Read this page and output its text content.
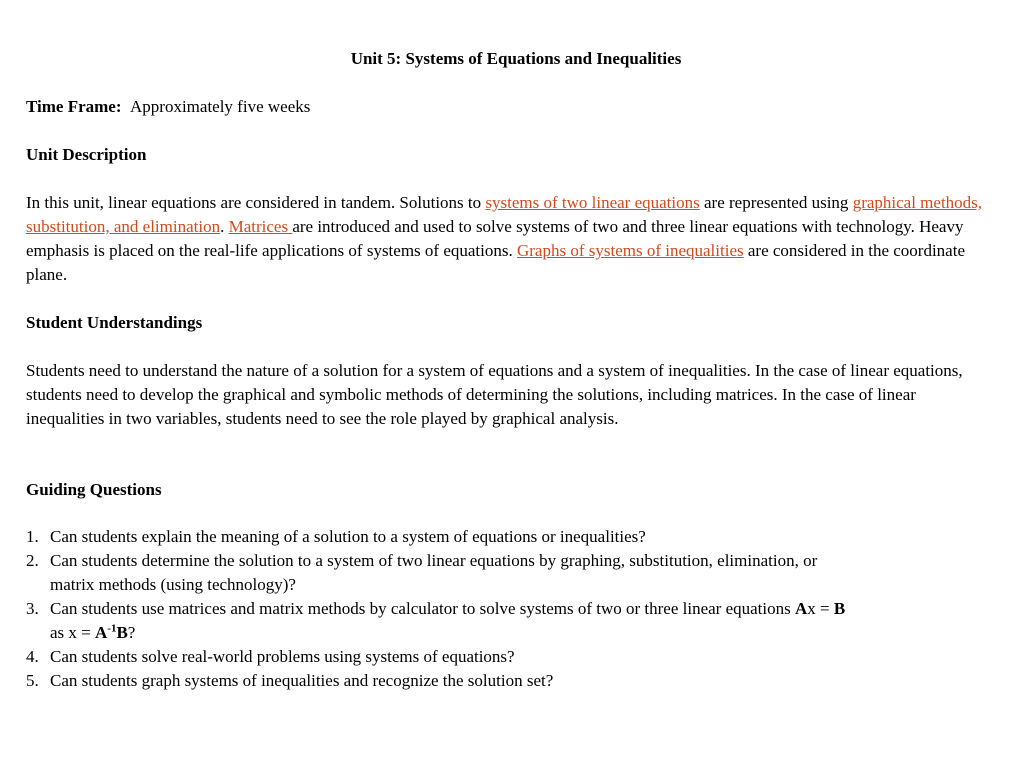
Unit 5: Systems of Equations and Inequalities

Time Frame: Approximately five weeks

Unit Description

In this unit, linear equations are considered in tandem. Solutions to systems of two linear equations are represented using graphical methods, substitution, and elimination. Matrices are introduced and used to solve systems of two and three linear equations with technology. Heavy emphasis is placed on the real-life applications of systems of equations. Graphs of systems of inequalities are considered in the coordinate plane.

Student Understandings

Students need to understand the nature of a solution for a system of equations and a system of inequalities. In the case of linear equations, students need to develop the graphical and symbolic methods of determining the solutions, including matrices. In the case of linear inequalities in two variables, students need to see the role played by graphical analysis.

Guiding Questions

1. Can students explain the meaning of a solution to a system of equations or inequalities?
2. Can students determine the solution to a system of two linear equations by graphing, substitution, elimination, or matrix methods (using technology)?
3. Can students use matrices and matrix methods by calculator to solve systems of two or three linear equations Ax = B as $x = A^{-1}B$?
4. Can students solve real-world problems using systems of equations?
5. Can students graph systems of inequalities and recognize the solution set?
